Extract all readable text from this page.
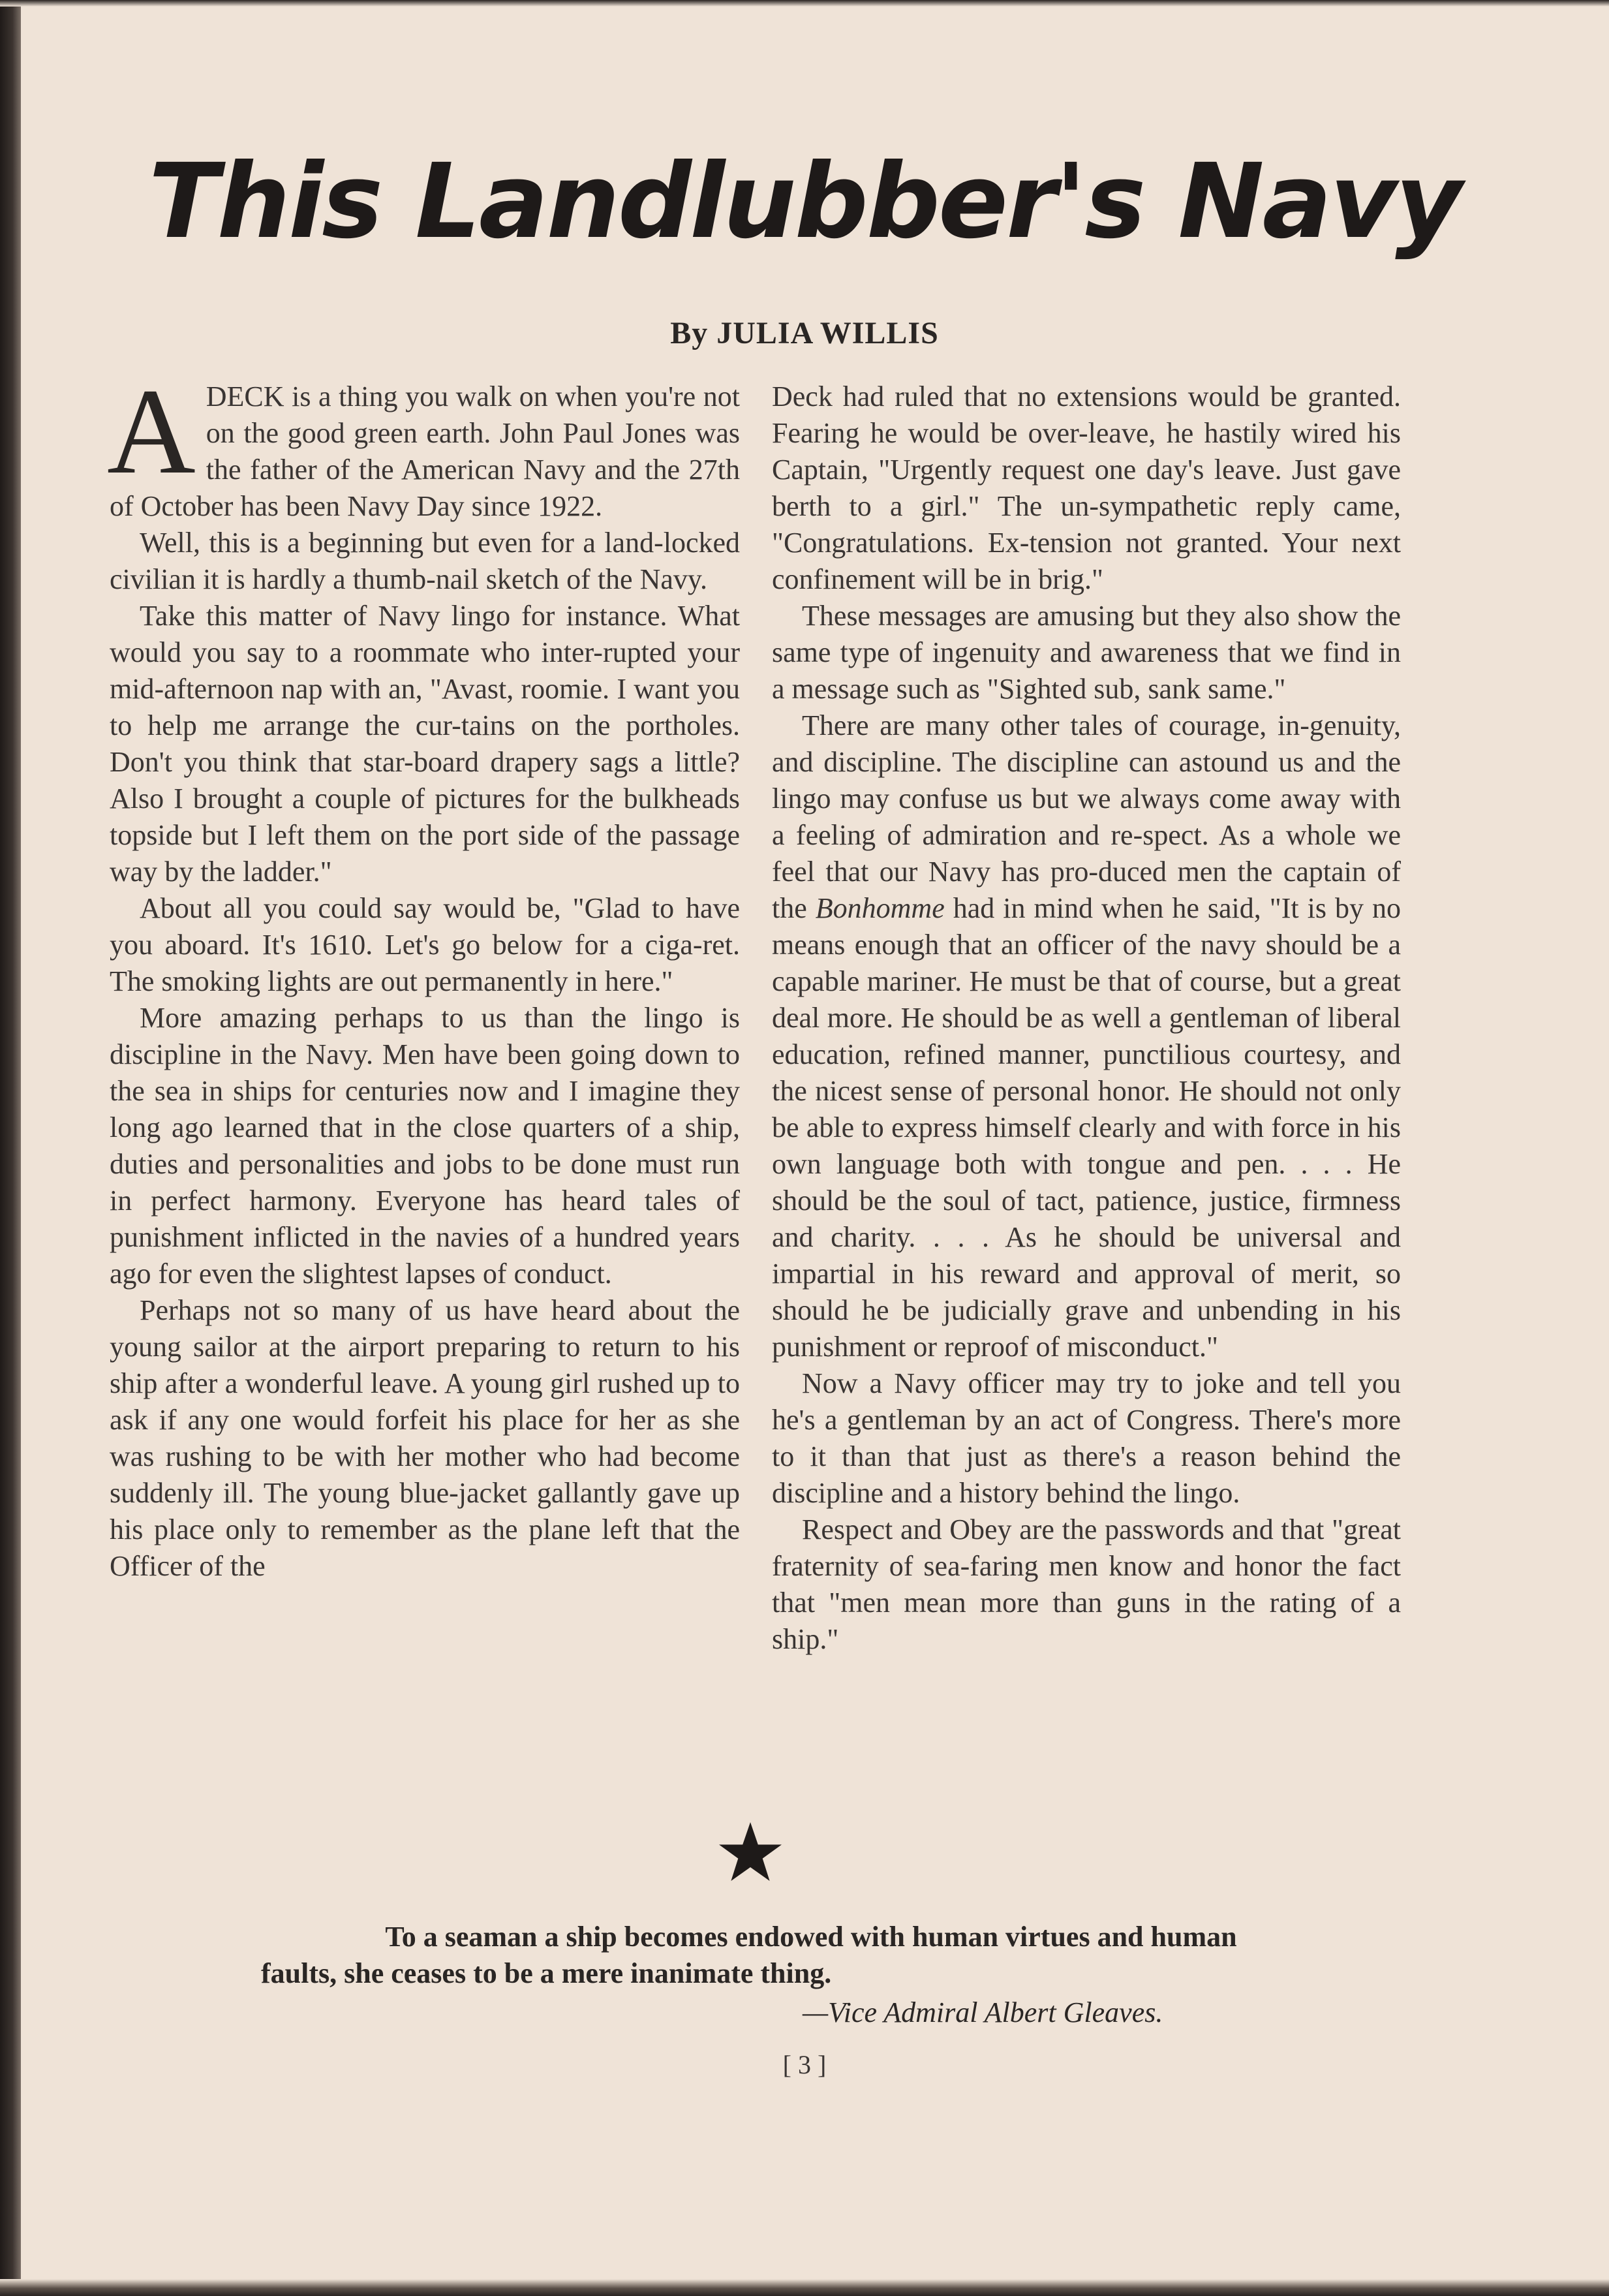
This Landlubber's Navy

By JULIA WILLIS

ADECK is a thing you walk on when you're not on the good green earth. John Paul Jones was the father of the American Navy and the 27th of October has been Navy Day since 1922.

Well, this is a beginning but even for a land-locked civilian it is hardly a thumb-nail sketch of the Navy.

Take this matter of Navy lingo for instance. What would you say to a roommate who inter-rupted your mid-afternoon nap with an, "Avast, roomie. I want you to help me arrange the cur-tains on the portholes. Don't you think that star-board drapery sags a little? Also I brought a couple of pictures for the bulkheads topside but I left them on the port side of the passage way by the ladder."

About all you could say would be, "Glad to have you aboard. It's 1610. Let's go below for a ciga-ret. The smoking lights are out permanently in here."

More amazing perhaps to us than the lingo is discipline in the Navy. Men have been going down to the sea in ships for centuries now and I imagine they long ago learned that in the close quarters of a ship, duties and personalities and jobs to be done must run in perfect harmony. Everyone has heard tales of punishment inflicted in the navies of a hundred years ago for even the slightest lapses of conduct.

Perhaps not so many of us have heard about the young sailor at the airport preparing to return to his ship after a wonderful leave. A young girl rushed up to ask if any one would forfeit his place for her as she was rushing to be with her mother who had become suddenly ill. The young blue-jacket gallantly gave up his place only to remember as the plane left that the Officer of the

Deck had ruled that no extensions would be granted. Fearing he would be over-leave, he hastily wired his Captain, "Urgently request one day's leave. Just gave berth to a girl." The un-sympathetic reply came, "Congratulations. Ex-tension not granted. Your next confinement will be in brig."

These messages are amusing but they also show the same type of ingenuity and awareness that we find in a message such as "Sighted sub, sank same."

There are many other tales of courage, in-genuity, and discipline. The discipline can astound us and the lingo may confuse us but we always come away with a feeling of admiration and re-spect. As a whole we feel that our Navy has pro-duced men the captain of the Bonhomme had in mind when he said, "It is by no means enough that an officer of the navy should be a capable mariner. He must be that of course, but a great deal more. He should be as well a gentleman of liberal education, refined manner, punctilious courtesy, and the nicest sense of personal honor. He should not only be able to express himself clearly and with force in his own language both with tongue and pen. . . . He should be the soul of tact, patience, justice, firmness and charity. . . . As he should be universal and impartial in his reward and approval of merit, so should he be judicially grave and unbending in his punishment or reproof of misconduct."

Now a Navy officer may try to joke and tell you he's a gentleman by an act of Congress. There's more to it than that just as there's a reason behind the discipline and a history behind the lingo.

Respect and Obey are the passwords and that "great fraternity of sea-faring men know and honor the fact that "men mean more than guns in the rating of a ship."

To a seaman a ship becomes endowed with human virtues and human
faults, she ceases to be a mere inanimate thing.

—Vice Admiral Albert Gleaves.

[ 3 ]
